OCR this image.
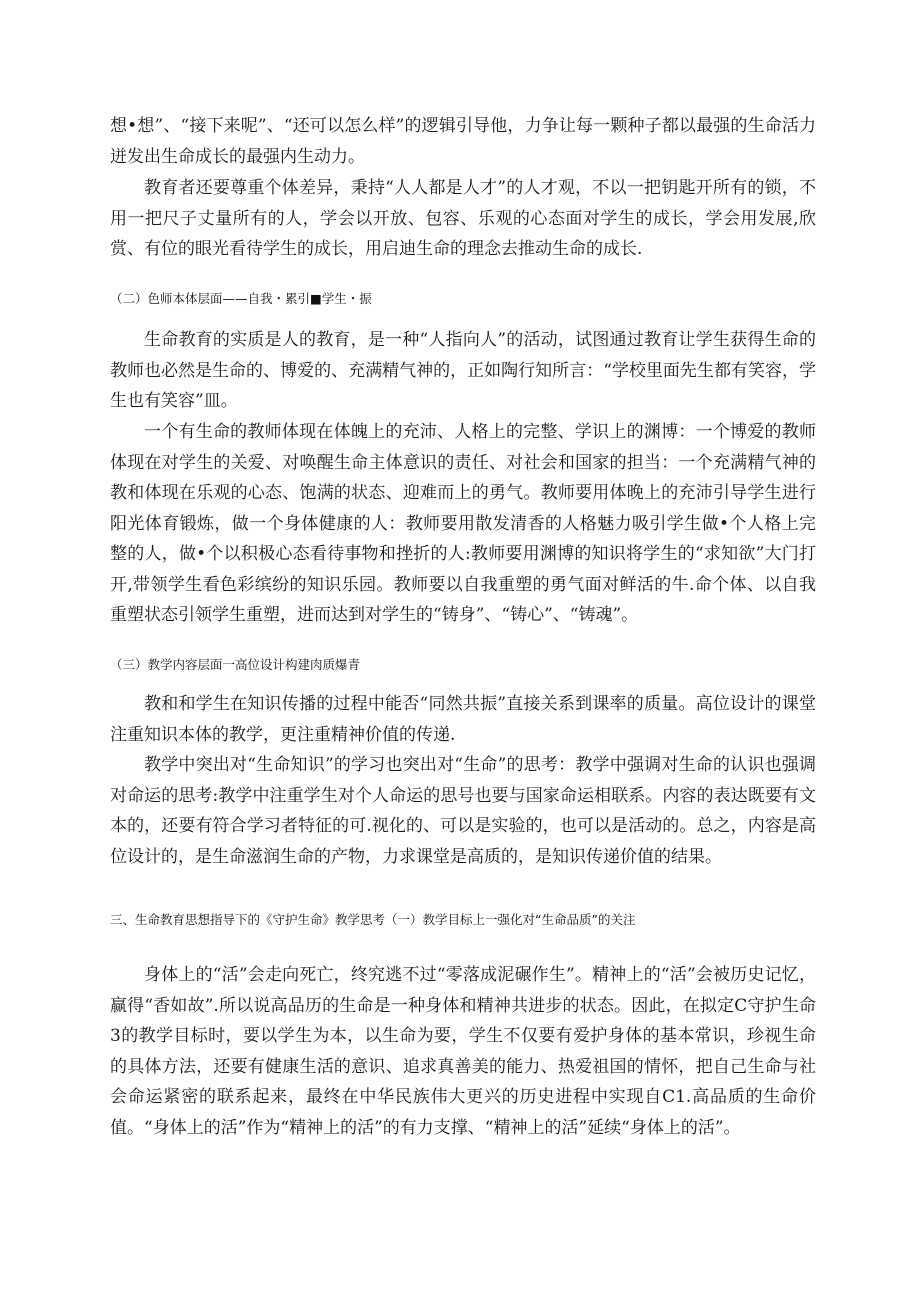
想•想”、“接下来呢”、“还可以怎么样”的逻辑引导他，力争让每一颗种子都以最强的生命活力迸发出生命成长的最强内生动力。

教育者还要尊重个体差异，秉持“人人都是人才”的人才观，不以一把钥匙开所有的锁，不用一把尺子丈量所有的人，学会以开放、包容、乐观的心态面对学生的成长，学会用发展,欣赏、有位的眼光看待学生的成长，用启迪生命的理念去推动生命的成长.

（二）色师本体层面——自我・累引■学生・振

生命教育的实质是人的教育，是一种“人指向人”的活动，试图通过教育让学生获得生命的教师也必然是生命的、博爱的、充满精气神的，正如陶行知所言：“学校里面先生都有笑容，学生也有笑容”皿。

一个有生命的教师体现在体魄上的充沛、人格上的完整、学识上的渊博：一个博爱的教师体现在对学生的关爱、对唤醒生命主体意识的责任、对社会和国家的担当：一个充满精气神的教和体现在乐观的心态、饱满的状态、迎难而上的勇气。教师要用体晚上的充沛引导学生进行阳光体育锻炼，做一个身体健康的人：教师要用散发清香的人格魅力吸引学生做•个人格上完整的人，做•个以积极心态看待事物和挫折的人:教师要用渊博的知识将学生的“求知欲”大门打开,带领学生看色彩缤纷的知识乐园。教师要以自我重塑的勇气面对鲜活的牛.命个体、以自我重塑状态引领学生重塑，进而达到对学生的“铸身”、“铸心”、“铸魂”。

（三）教学内容层面一高位设计构建肉质爆青

教和和学生在知识传播的过程中能否“同然共振”直接关系到课率的质量。高位设计的课堂注重知识本体的教学，更注重精神价值的传递.

教学中突出对“生命知识”的学习也突出对“生命”的思考：教学中强调对生命的认识也强调对命运的思考:教学中注重学生对个人命运的思号也要与国家命运相联系。内容的表达既要有文本的，还要有符合学习者特征的可.视化的、可以是实验的，也可以是活动的。总之，内容是高位设计的，是生命滋润生命的产物，力求课堂是高质的，是知识传递价值的结果。

三、生命教育思想指导下的《守护生命》教学思考（一）教学目标上一强化对“生命品质”的关注

身体上的“活”会走向死亡，终究逃不过“零落成泥碾作生”。精神上的“活”会被历史记忆，赢得“香如故”.所以说高品历的生命是一种身体和精神共进步的状态。因此，在拟定C守护生命3的教学目标时，要以学生为本，以生命为要，学生不仅要有爱护身体的基本常识，珍视生命的具体方法，还要有健康生活的意识、追求真善美的能力、热爱祖国的情怀，把自己生命与社会命运紧密的联系起来，最终在中华民族伟大更兴的历史进程中实现自C1.高品质的生命价值。“身体上的活”作为“精神上的活”的有力支撑、“精神上的活”延续“身体上的活”。
